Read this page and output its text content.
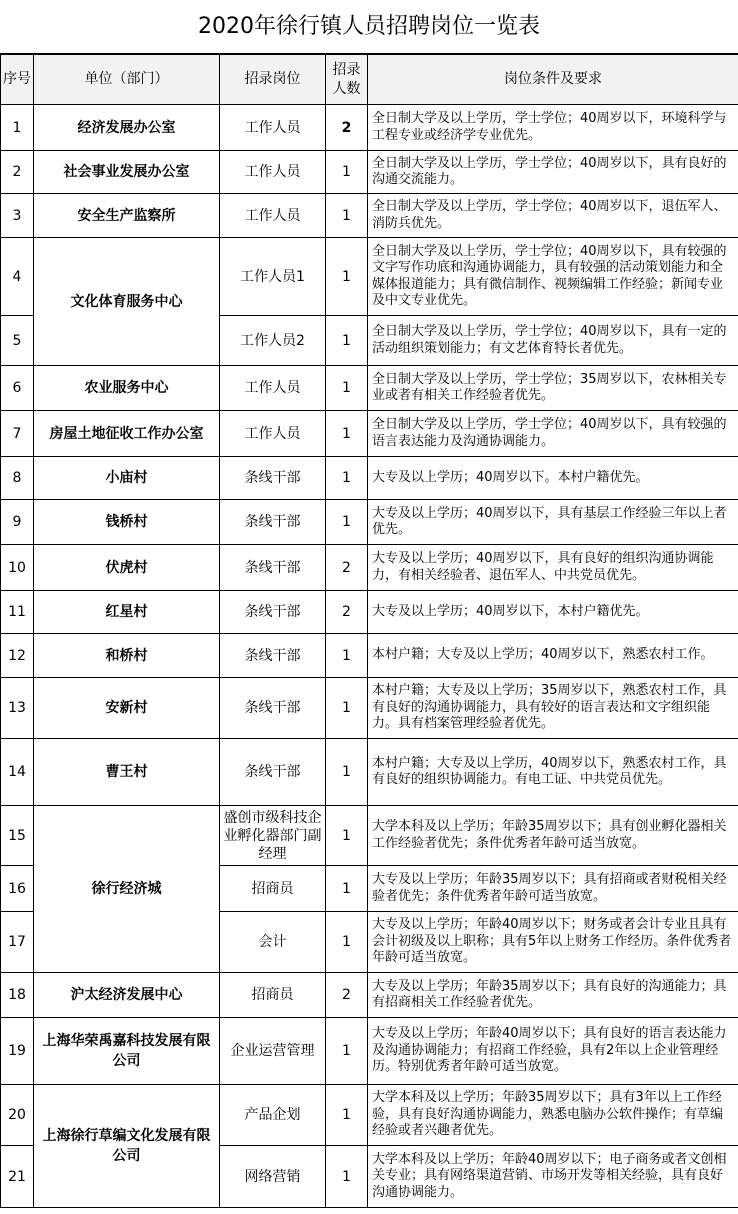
2020年徐行镇人员招聘岗位一览表
序号	单位（部门）	招录岗位	招录人数	岗位条件及要求
1	经济发展办公室	工作人员	2	全日制大学及以上学历，学士学位；40周岁以下，环境科学与工程专业或经济学专业优先。
2	社会事业发展办公室	工作人员	1	全日制大学及以上学历，学士学位；40周岁以下，具有良好的沟通交流能力。
3	安全生产监察所	工作人员	1	全日制大学及以上学历，学士学位；40周岁以下，退伍军人、消防兵优先。
4	文化体育服务中心	工作人员1	1	全日制大学及以上学历，学士学位；40周岁以下，具有较强的文字写作功底和沟通协调能力，具有较强的活动策划能力和全媒体报道能力；具有微信制作、视频编辑工作经验；新闻专业及中文专业优先。
5		工作人员2	1	全日制大学及以上学历，学士学位；40周岁以下，具有一定的活动组织策划能力；有文艺体育特长者优先。
6	农业服务中心	工作人员	1	全日制大学及以上学历，学士学位；35周岁以下，农林相关专业或者有相关工作经验者优先。
7	房屋土地征收工作办公室	工作人员	1	全日制大学及以上学历，学士学位；40周岁以下，具有较强的语言表达能力及沟通协调能力。
8	小庙村	条线干部	1	大专及以上学历；40周岁以下。本村户籍优先。
9	钱桥村	条线干部	1	大专及以上学历；40周岁以下，具有基层工作经验三年以上者优先。
10	伏虎村	条线干部	2	大专及以上学历；40周岁以下，具有良好的组织沟通协调能力，有相关经验者、退伍军人、中共党员优先。
11	红星村	条线干部	2	大专及以上学历；40周岁以下，本村户籍优先。
12	和桥村	条线干部	1	本村户籍；大专及以上学历；40周岁以下，熟悉农村工作。
13	安新村	条线干部	1	本村户籍；大专及以上学历；35周岁以下，熟悉农村工作，具有良好的沟通协调能力，具有较好的语言表达和文字组织能力。具有档案管理经验者优先。
14	曹王村	条线干部	1	本村户籍；大专及以上学历，40周岁以下，熟悉农村工作，具有良好的组织协调能力。有电工证、中共党员优先。
15	徐行经济城	盛创市级科技企业孵化器部门副经理	1	大学本科及以上学历；年龄35周岁以下；具有创业孵化器相关工作经验者优先；条件优秀者年龄可适当放宽。
16		招商员	1	大专及以上学历；年龄35周岁以下；具有招商或者财税相关经验者优先；条件优秀者年龄可适当放宽。
17		会计	1	大专及以上学历；年龄40周岁以下；财务或者会计专业且具有会计初级及以上职称；具有5年以上财务工作经历。条件优秀者年龄可适当放宽。
18	沪太经济发展中心	招商员	2	大专及以上学历；年龄35周岁以下；具有良好的沟通能力；具有招商相关工作经验者优先。
19	上海华荣禹嘉科技发展有限公司	企业运营管理	1	大专及以上学历；年龄40周岁以下；具有良好的语言表达能力及沟通协调能力；有招商工作经验，具有2年以上企业管理经历。特别优秀者年龄可适当放宽。
20	上海徐行草编文化发展有限公司	产品企划	1	大学本科及以上学历；年龄35周岁以下；具有3年以上工作经验，具有良好沟通协调能力，熟悉电脑办公软件操作；有草编经验或者兴趣者优先。
21		网络营销	1	大学本科及以上学历；年龄40周岁以下；电子商务或者文创相关专业；具有网络渠道营销、市场开发等相关经验，具有良好沟通协调能力。
